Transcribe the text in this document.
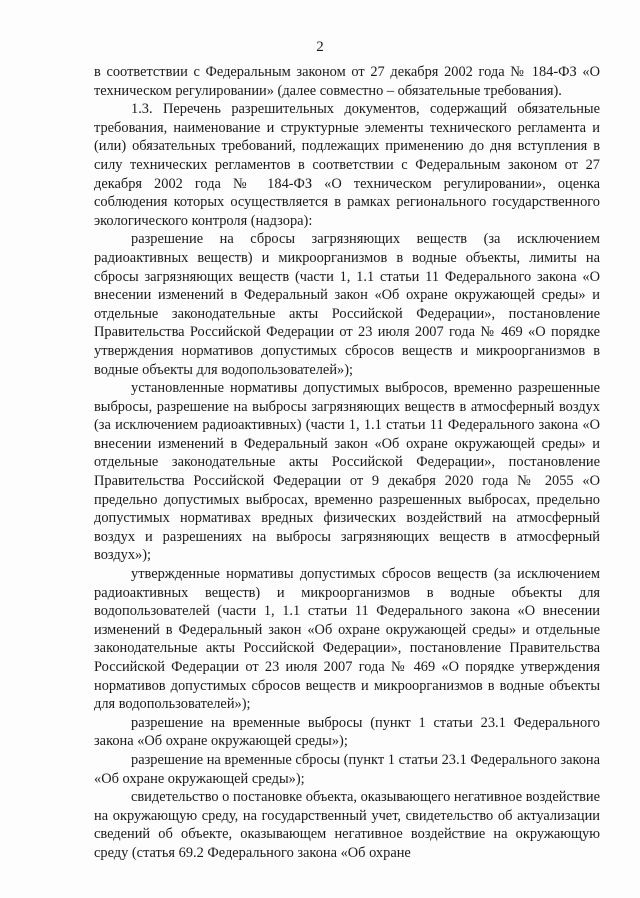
2

в соответствии с Федеральным законом от 27 декабря 2002 года № 184-ФЗ «О техническом регулировании» (далее совместно – обязательные требования).

1.3. Перечень разрешительных документов, содержащий обязательные требования, наименование и структурные элементы технического регламента и (или) обязательных требований, подлежащих применению до дня вступления в силу технических регламентов в соответствии с Федеральным законом от 27 декабря 2002 года № 184-ФЗ «О техническом регулировании», оценка соблюдения которых осуществляется в рамках регионального государственного экологического контроля (надзора):

разрешение на сбросы загрязняющих веществ (за исключением радиоактивных веществ) и микроорганизмов в водные объекты, лимиты на сбросы загрязняющих веществ (части 1, 1.1 статьи 11 Федерального закона «О внесении изменений в Федеральный закон «Об охране окружающей среды» и отдельные законодательные акты Российской Федерации», постановление Правительства Российской Федерации от 23 июля 2007 года № 469 «О порядке утверждения нормативов допустимых сбросов веществ и микроорганизмов в водные объекты для водопользователей»);

установленные нормативы допустимых выбросов, временно разрешенные выбросы, разрешение на выбросы загрязняющих веществ в атмосферный воздух (за исключением радиоактивных) (части 1, 1.1 статьи 11 Федерального закона «О внесении изменений в Федеральный закон «Об охране окружающей среды» и отдельные законодательные акты Российской Федерации», постановление Правительства Российской Федерации от 9 декабря 2020 года № 2055 «О предельно допустимых выбросах, временно разрешенных выбросах, предельно допустимых нормативах вредных физических воздействий на атмосферный воздух и разрешениях на выбросы загрязняющих веществ в атмосферный воздух»);

утвержденные нормативы допустимых сбросов веществ (за исключением радиоактивных веществ) и микроорганизмов в водные объекты для водопользователей (части 1, 1.1 статьи 11 Федерального закона «О внесении изменений в Федеральный закон «Об охране окружающей среды» и отдельные законодательные акты Российской Федерации», постановление Правительства Российской Федерации от 23 июля 2007 года № 469 «О порядке утверждения нормативов допустимых сбросов веществ и микроорганизмов в водные объекты для водопользователей»);

разрешение на временные выбросы (пункт 1 статьи 23.1 Федерального закона «Об охране окружающей среды»);

разрешение на временные сбросы (пункт 1 статьи 23.1 Федерального закона «Об охране окружающей среды»);

свидетельство о постановке объекта, оказывающего негативное воздействие на окружающую среду, на государственный учет, свидетельство об актуализации сведений об объекте, оказывающем негативное воздействие на окружающую среду (статья 69.2 Федерального закона «Об охране
